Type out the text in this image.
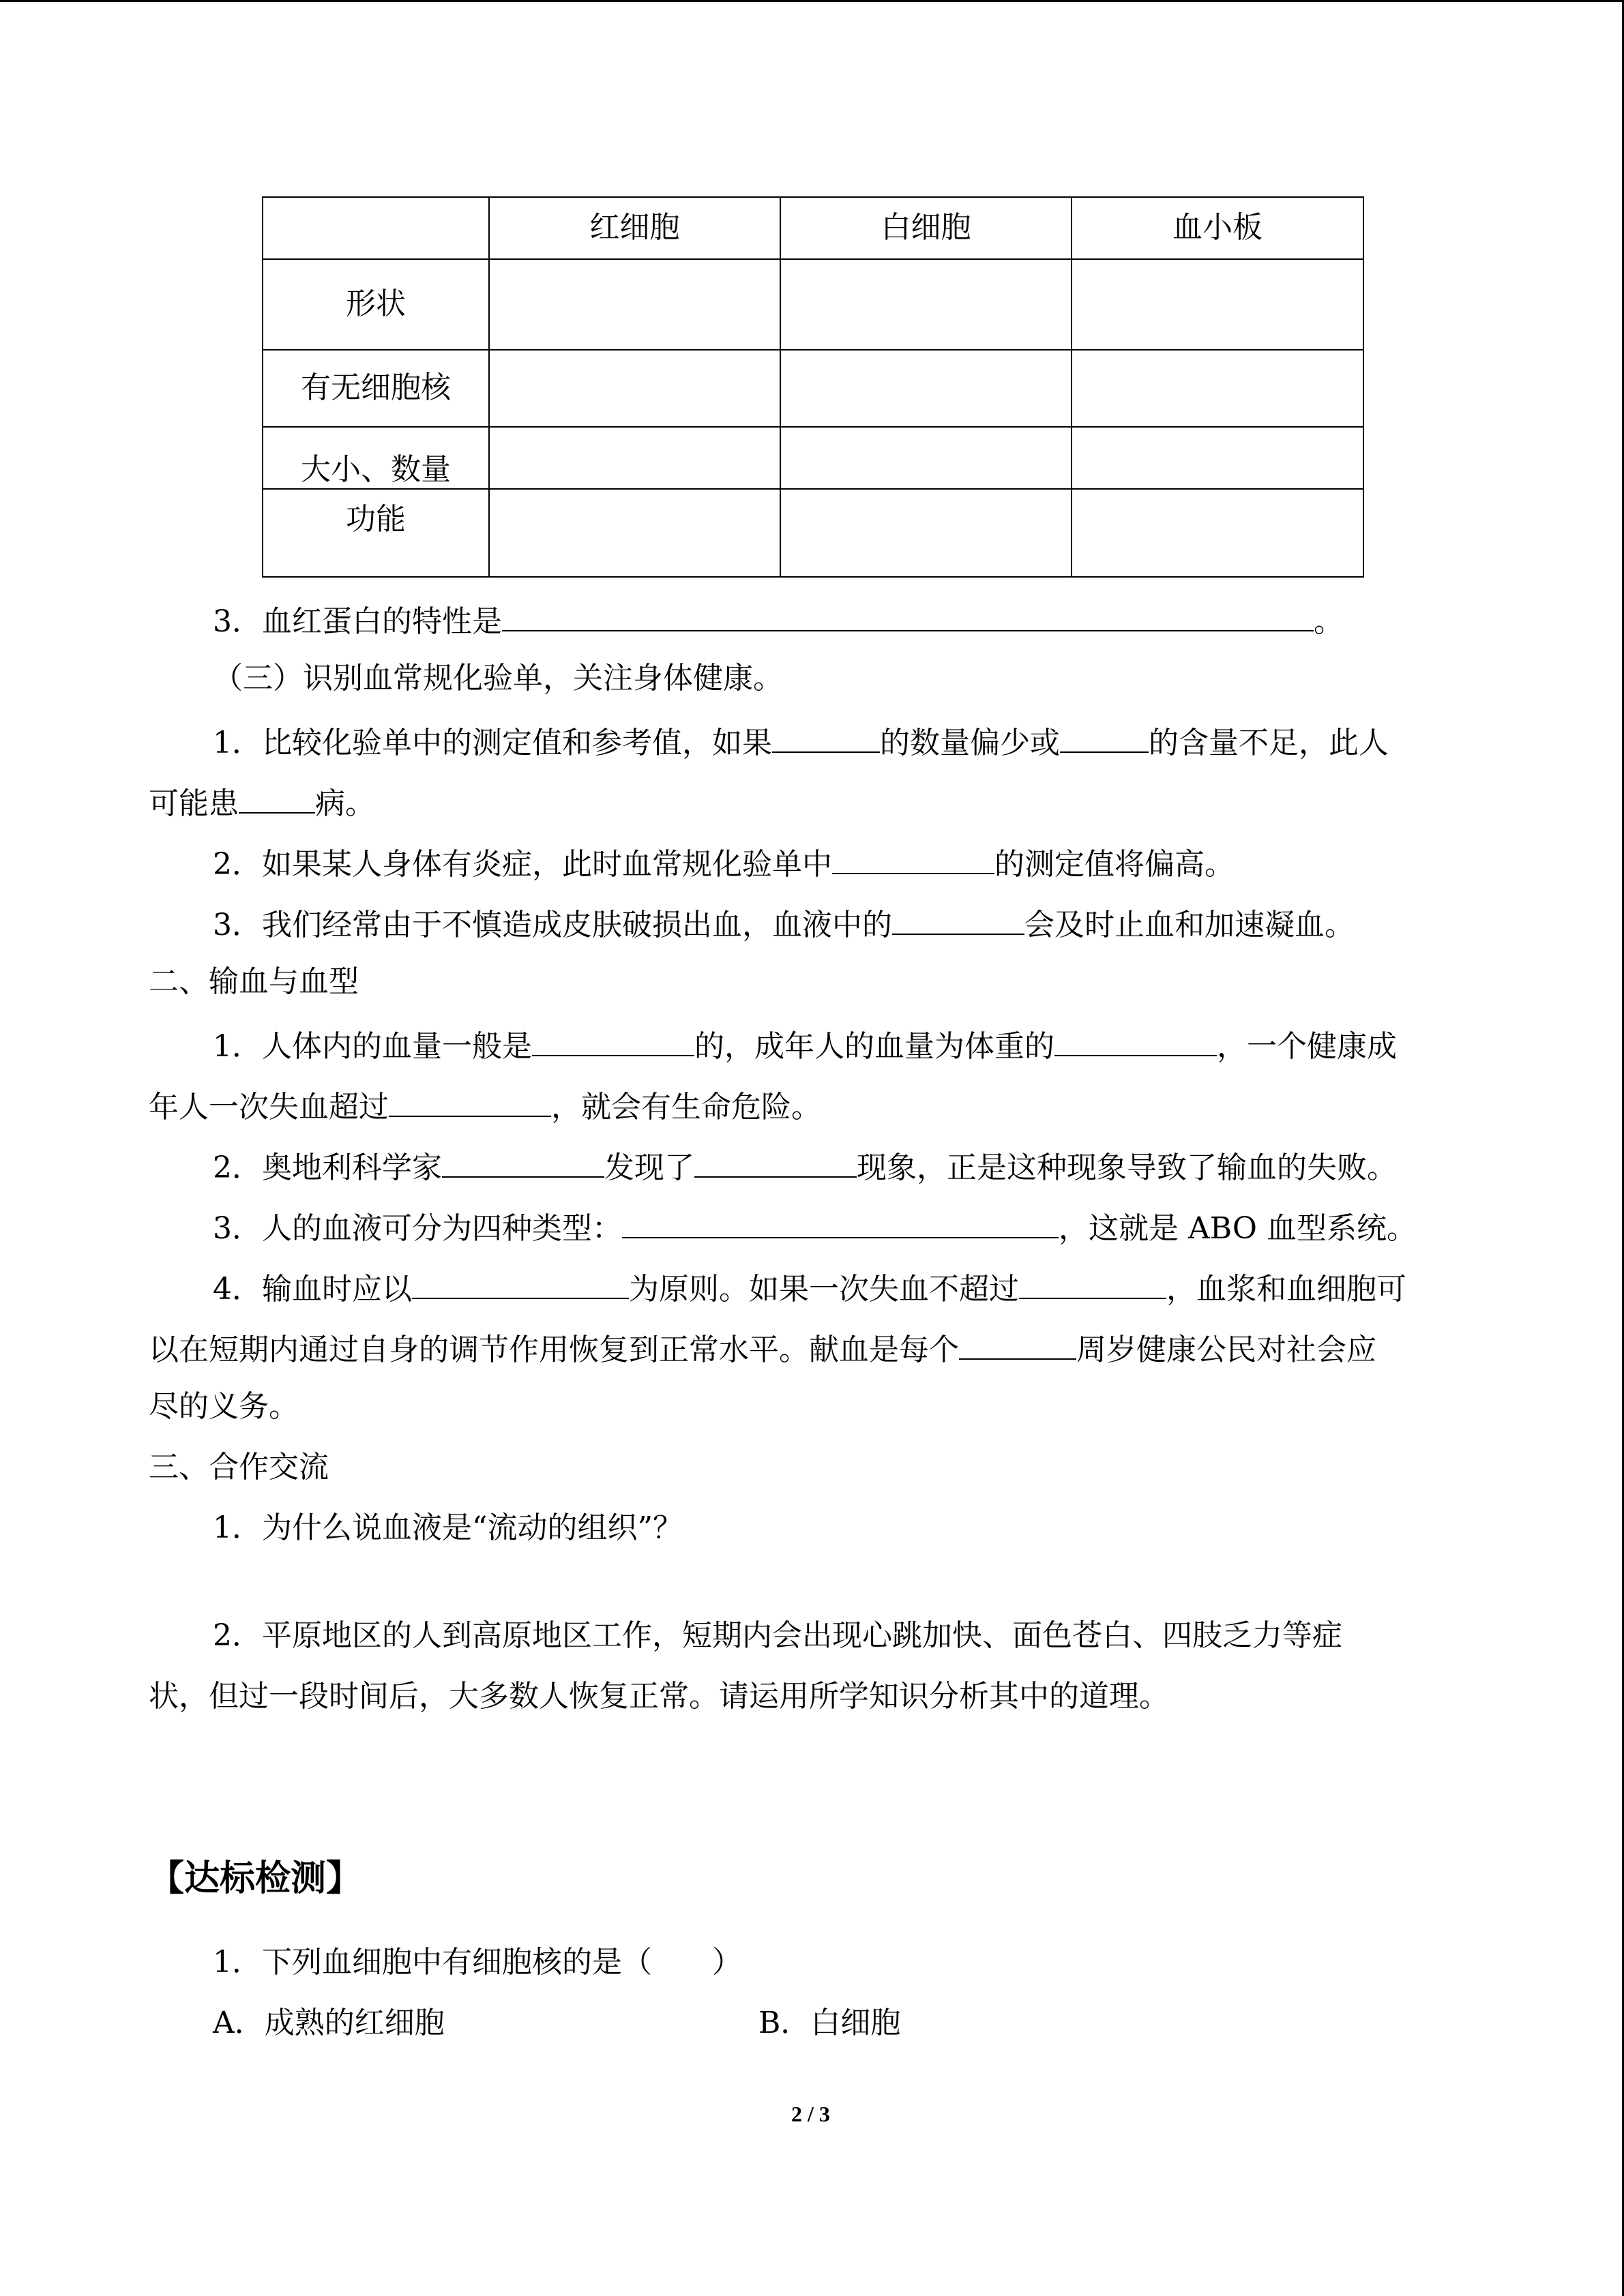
	红细胞	白细胞	血小板
形状			
有无细胞核			
大小、数量			
功能			
3．血红蛋白的特性是	。
（三）识别血常规化验单，关注身体健康。
1．比较化验单中的测定值和参考值，如果	的数量偏少或	的含量不足，此人
可能患	病。
2．如果某人身体有炎症，此时血常规化验单中	的测定值将偏高。
3．我们经常由于不慎造成皮肤破损出血，血液中的	会及时止血和加速凝血。
二、输血与血型
1．人体内的血量一般是	的，成年人的血量为体重的	，一个健康成
年人一次失血超过	，就会有生命危险。
2．奥地利科学家	发现了	现象，正是这种现象导致了输血的失败。
3．人的血液可分为四种类型：	，这就是 ABO 血型系统。
4．输血时应以	为原则。如果一次失血不超过	，血浆和血细胞可
以在短期内通过自身的调节作用恢复到正常水平。献血是每个	周岁健康公民对社会应
尽的义务。
三、合作交流
1．为什么说血液是“流动的组织”？
2．平原地区的人到高原地区工作，短期内会出现心跳加快、面色苍白、四肢乏力等症
状，但过一段时间后，大多数人恢复正常。请运用所学知识分析其中的道理。
【达标检测】
1．下列血细胞中有细胞核的是（　　）
A．成熟的红细胞	B．白细胞
2 / 3
